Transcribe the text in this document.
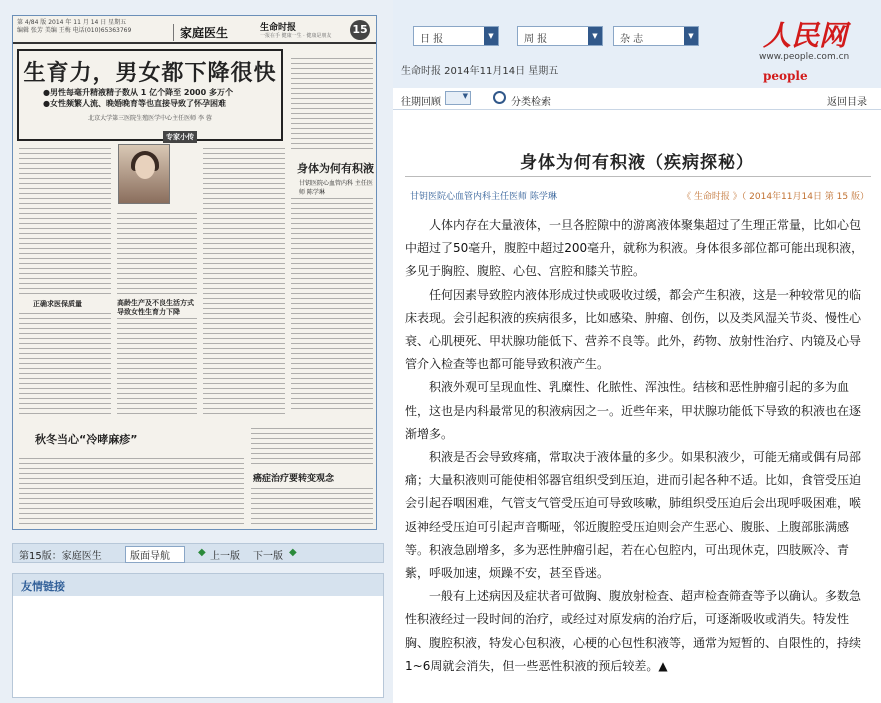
第 4/84 版 2014 年 11 月 14 日 星期五
编辑 张芳 美编 王梅 电话(010)65363769	家庭医生	生命时报
一报在手 健康一生 · 健康是朋友 15
生育力，男女都下降很快
●男性每毫升精液精子数从 1 亿个降至 2000 多万个
●女性频繁人流、晚婚晚育等也直接导致了怀孕困难
北京大学第三医院生殖医学中心主任医师 李 蓉
专家小传
身体为何有积液
甘钥医院心血管内科 主任医师 陈学琳
正确求医保质量	高龄生产及不良生活方式导致女性生育力下降
秋冬当心“冷哮麻疹”
癌症治疗要转变观念
第15版：家庭医生	版面导航	◆ 上一版 下一版 ◆
友情链接
日 报	▼	周 报	▼	杂 志	▼ 人民网people
www.people.com.cn
生命时报 2014年11月14日 星期五
往期回顾
▼
分类检索	返回目录
身体为何有积液（疾病探秘）
甘钥医院心血管内科主任医师 陈学琳	《 生命时报 》（ 2014年11月14日 第 15 版）

人体内存在大量液体，一旦各腔隙中的游离液体聚集超过了生理正常量，比如心包中超过了50毫升，腹腔中超过200毫升，就称为积液。身体很多部位都可能出现积液，多见于胸腔、腹腔、心包、宫腔和膝关节腔。

任何因素导致腔内液体形成过快或吸收过缓，都会产生积液，这是一种较常见的临床表现。会引起积液的疾病很多，比如感染、肿瘤、创伤，以及类风湿关节炎、慢性心衰、心肌梗死、甲状腺功能低下、营养不良等。此外，药物、放射性治疗、内镜及心导管介入检查等也都可能导致积液产生。

积液外观可呈现血性、乳糜性、化脓性、浑浊性。结核和恶性肿瘤引起的多为血性，这也是内科最常见的积液病因之一。近些年来，甲状腺功能低下导致的积液也在逐渐增多。

积液是否会导致疼痛，常取决于液体量的多少。如果积液少，可能无痛或偶有局部痛；大量积液则可能使相邻器官组织受到压迫，进而引起各种不适。比如，食管受压迫会引起吞咽困难，气管支气管受压迫可导致咳嗽，肺组织受压迫后会出现呼吸困难，喉返神经受压迫可引起声音嘶哑，邻近腹腔受压迫则会产生恶心、腹胀、上腹部胀满感等。积液急剧增多，多为恶性肿瘤引起，若在心包腔内，可出现休克，四肢厥冷、青紫，呼吸加速，烦躁不安，甚至昏迷。

一般有上述病因及症状者可做胸、腹放射检查、超声检查筛查等予以确认。多数急性积液经过一段时间的治疗，或经过对原发病的治疗后，可逐渐吸收或消失。特发性胸、腹腔积液，特发心包积液，心梗的心包性积液等，通常为短暂的、自限性的，持续1~6周就会消失，但一些恶性积液的预后较差。▲
